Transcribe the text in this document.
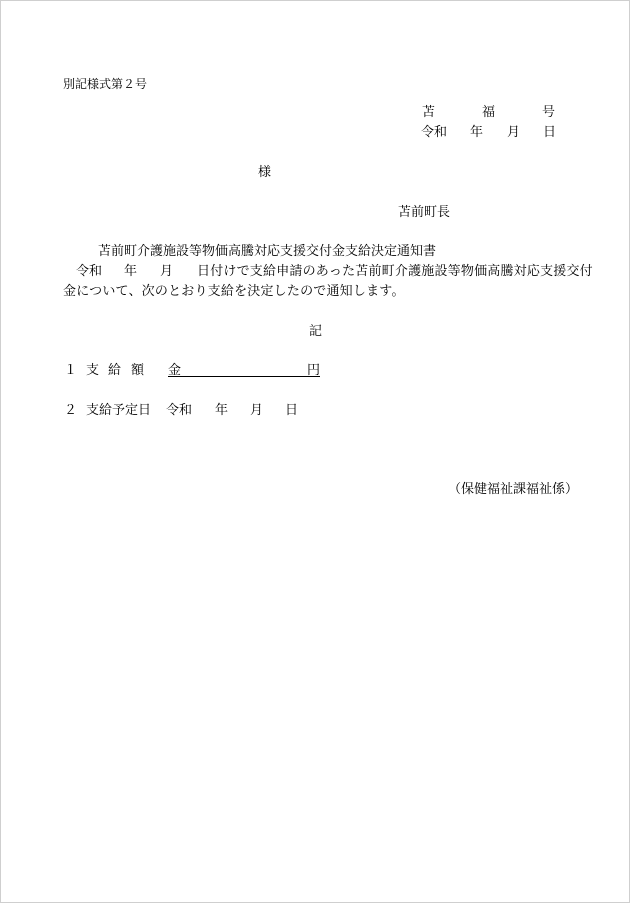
別記様式第２号
苫	福	号
令和 年 月 日
様
苫前町長
苫前町介護施設等物価高騰対応支援交付金支給決定通知書
令和 年 月 日付けで支給申請のあった苫前町介護施設等物価高騰対応支援交付
金について、次のとおり支給を決定したので通知します。
記
１ 支 給 額 金	円
２ 支給予定日 令和 年 月 日
（保健福祉課福祉係）
